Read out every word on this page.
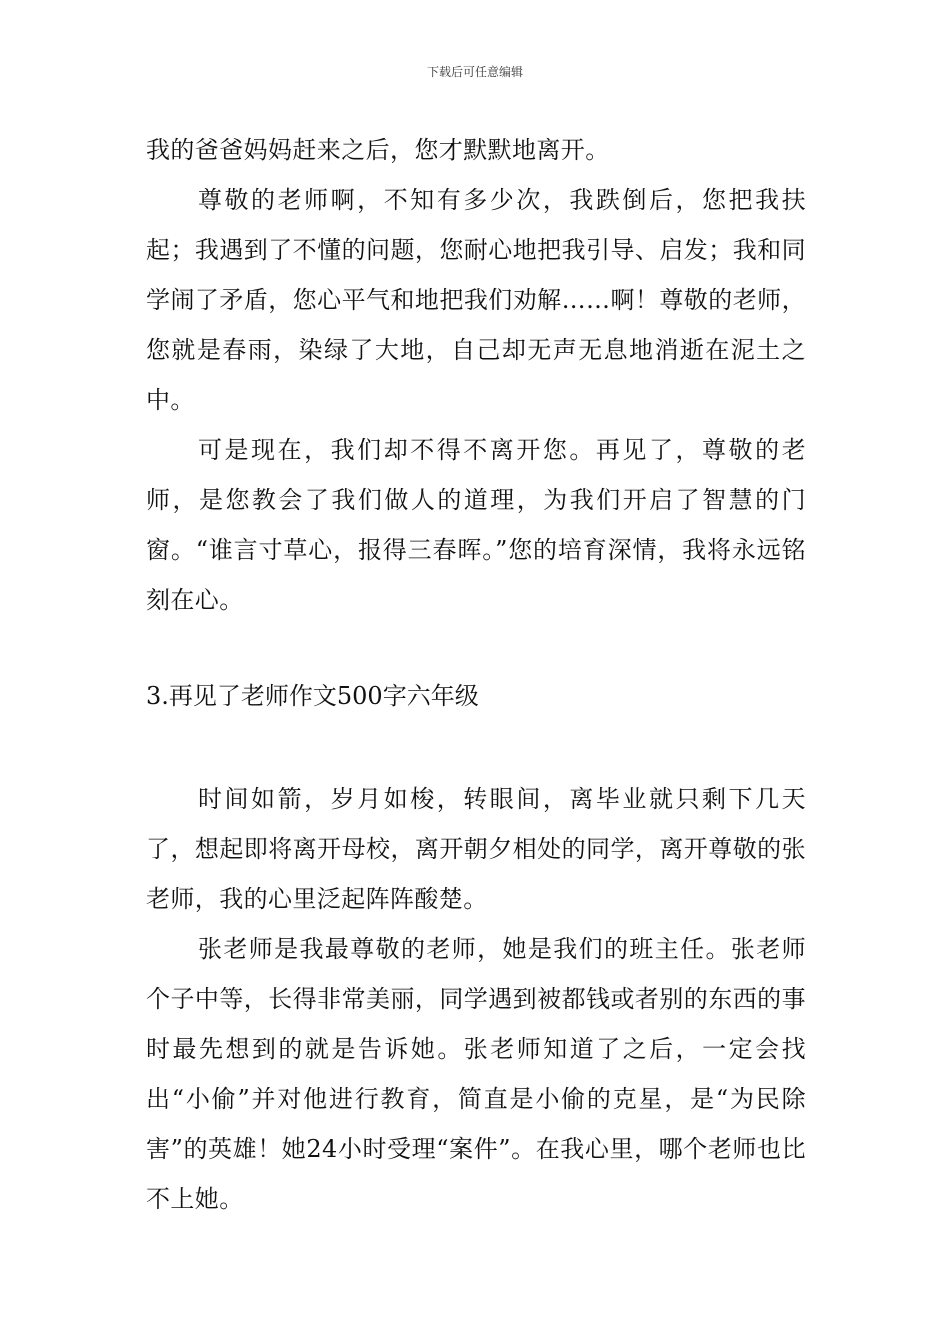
下载后可任意编辑

我的爸爸妈妈赶来之后，您才默默地离开。

尊敬的老师啊，不知有多少次，我跌倒后，您把我扶起；我遇到了不懂的问题，您耐心地把我引导、启发；我和同学闹了矛盾，您心平气和地把我们劝解……啊！尊敬的老师，您就是春雨，染绿了大地，自己却无声无息地消逝在泥土之中。

可是现在，我们却不得不离开您。再见了，尊敬的老师，是您教会了我们做人的道理，为我们开启了智慧的门窗。“谁言寸草心，报得三春晖。”您的培育深情，我将永远铭刻在心。

3.再见了老师作文500字六年级

时间如箭，岁月如梭，转眼间，离毕业就只剩下几天了，想起即将离开母校，离开朝夕相处的同学，离开尊敬的张老师，我的心里泛起阵阵酸楚。

张老师是我最尊敬的老师，她是我们的班主任。张老师个子中等，长得非常美丽，同学遇到被都钱或者别的东西的事时最先想到的就是告诉她。张老师知道了之后，一定会找出“小偷”并对他进行教育，简直是小偷的克星，是“为民除害”的英雄！她24小时受理“案件”。在我心里，哪个老师也比不上她。
